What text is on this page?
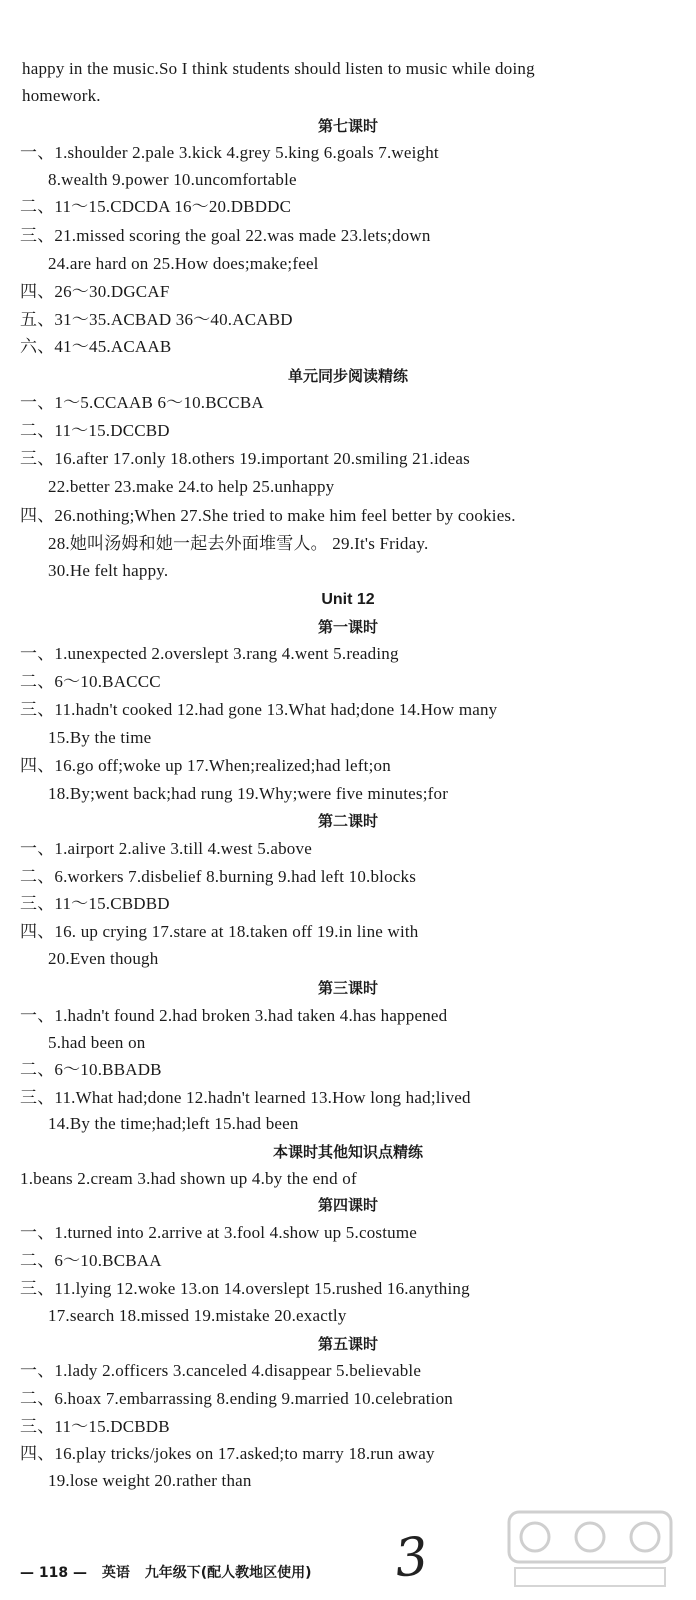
happy in the music.So I think students should listen to music while doing
homework.
第七课时
一、1.shoulder 2.pale 3.kick 4.grey 5.king 6.goals 7.weight
8.wealth 9.power 10.uncomfortable
二、11～15.CDCDA 16～20.DBDDC
三、21.missed scoring the goal 22.was made 23.lets;down
24.are hard on 25.How does;make;feel
四、26～30.DGCAF
五、31～35.ACBAD 36～40.ACABD
六、41～45.ACAAB
单元同步阅读精练
一、1～5.CCAAB 6～10.BCCBA
二、11～15.DCCBD
三、16.after 17.only 18.others 19.important 20.smiling 21.ideas
22.better 23.make 24.to help 25.unhappy
四、26.nothing;When 27.She tried to make him feel better by cookies.
28.她叫汤姆和她一起去外面堆雪人。 29.It's Friday.
30.He felt happy.
Unit 12
第一课时
一、1.unexpected 2.overslept 3.rang 4.went 5.reading
二、6～10.BACCC
三、11.hadn't cooked 12.had gone 13.What had;done 14.How many
15.By the time
四、16.go off;woke up 17.When;realized;had left;on
18.By;went back;had rung 19.Why;were five minutes;for
第二课时
一、1.airport 2.alive 3.till 4.west 5.above
二、6.workers 7.disbelief 8.burning 9.had left 10.blocks
三、11～15.CBDBD
四、16. up crying 17.stare at 18.taken off 19.in line with
20.Even though
第三课时
一、1.hadn't found 2.had broken 3.had taken 4.has happened
5.had been on
二、6～10.BBADB
三、11.What had;done 12.hadn't learned 13.How long had;lived
14.By the time;had;left 15.had been
本课时其他知识点精练
1.beans 2.cream 3.had shown up 4.by the end of
第四课时
一、1.turned into 2.arrive at 3.fool 4.show up 5.costume
二、6～10.BCBAA
三、11.lying 12.woke 13.on 14.overslept 15.rushed 16.anything
17.search 18.missed 19.mistake 20.exactly
第五课时
一、1.lady 2.officers 3.canceled 4.disappear 5.believable
二、6.hoax 7.embarrassing 8.ending 9.married 10.celebration
三、11～15.DCBDB
四、16.play tricks/jokes on 17.asked;to marry 18.run away
19.lose weight 20.rather than
— 118 — 英语 九年级下(配人教地区使用) 3
